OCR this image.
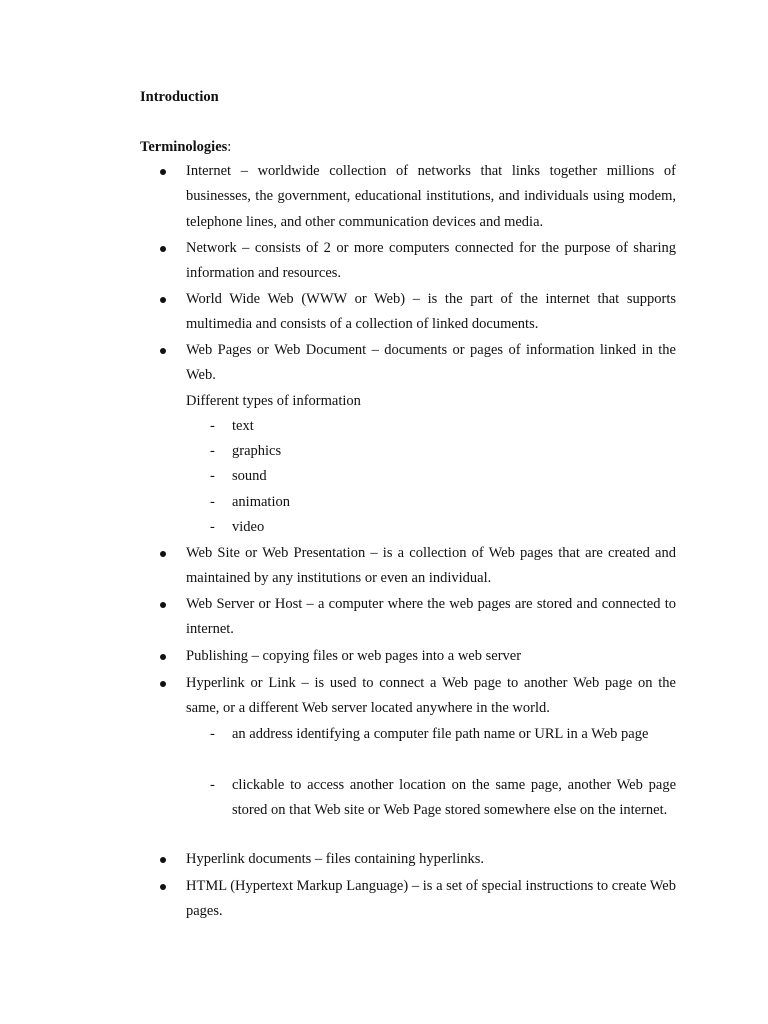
Introduction
Terminologies:
Internet – worldwide collection of networks that links together millions of businesses, the government, educational institutions, and individuals using modem, telephone lines, and other communication devices and media.
Network – consists of 2 or more computers connected for the purpose of sharing information and resources.
World Wide Web (WWW or Web) – is the part of the internet that supports multimedia and consists of a collection of linked documents.
Web Pages or Web Document – documents or pages of information linked in the Web.
Different types of information
- text
- graphics
- sound
- animation
- video
Web Site or Web Presentation – is a collection of Web pages that are created and maintained by any institutions or even an individual.
Web Server or Host – a computer where the web pages are stored and connected to internet.
Publishing – copying files or web pages into a web server
Hyperlink or Link – is used to connect a Web page to another Web page on the same, or a different Web server located anywhere in the world.
- an address identifying a computer file path name or URL in a Web page
- clickable to access another location on the same page, another Web page stored on that Web site or Web Page stored somewhere else on the internet.
Hyperlink documents – files containing hyperlinks.
HTML (Hypertext Markup Language) – is a set of special instructions to create Web pages.
